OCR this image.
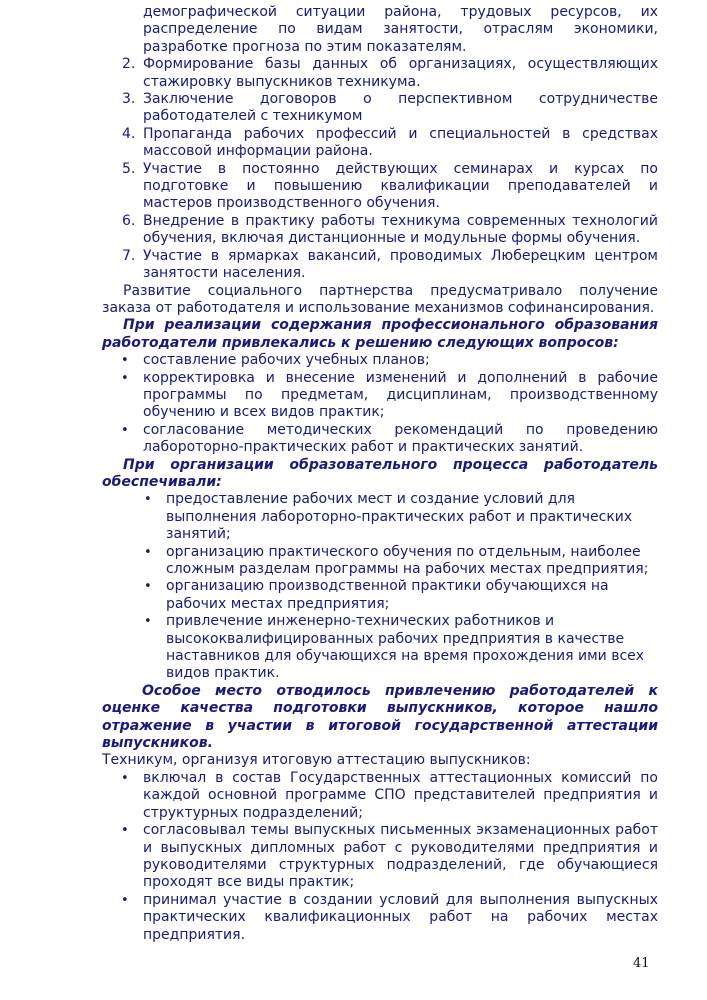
демографической ситуации района, трудовых ресурсов, их распределение по видам занятости, отраслям экономики, разработке прогноза по этим показателям.

2. Формирование базы данных об организациях, осуществляющих стажировку выпускников техникума.
3. Заключение договоров о перспективном сотрудничестве работодателей с техникумом
4. Пропаганда рабочих профессий и специальностей в средствах массовой информации района.
5. Участие в постоянно действующих семинарах и курсах по подготовке и повышению квалификации преподавателей и мастеров производственного обучения.
6. Внедрение в практику работы техникума современных технологий обучения, включая дистанционные и модульные формы обучения.
7. Участие в ярмарках вакансий, проводимых Люберецким центром занятости населения.

Развитие социального партнерства предусматривало получение заказа от работодателя и использование механизмов софинансирования.

При реализации содержания профессионального образования работодатели привлекались к решению следующих вопросов:

• составление рабочих учебных планов;
• корректировка и внесение изменений и дополнений в рабочие программы по предметам, дисциплинам, производственному обучению и всех видов практик;
• согласование методических рекомендаций по проведению лабороторно-практических работ и практических занятий.

При организации образовательного процесса работодатель обеспечивали:

• предоставление рабочих мест и создание условий для выполнения лабороторно-практических работ и практических занятий;
• организацию практического обучения по отдельным, наиболее сложным разделам программы на рабочих местах предприятия;
• организацию производственной практики обучающихся на рабочих местах предприятия;
• привлечение инженерно-технических работников и высококвалифицированных рабочих предприятия в качестве наставников для обучающихся на время прохождения ими всех видов практик.

Особое место отводилось привлечению работодателей к оценке качества подготовки выпускников, которое нашло отражение в участии в итоговой государственной аттестации выпускников.

Техникум, организуя итоговую аттестацию выпускников:

• включал в состав Государственных аттестационных комиссий по каждой основной программе СПО представителей предприятия и структурных подразделений;
• согласовывал темы выпускных письменных экзаменационных работ и выпускных дипломных работ с руководителями предприятия и руководителями структурных подразделений, где обучающиеся проходят все виды практик;
• принимал участие в создании условий для выполнения выпускных практических квалификационных работ на рабочих местах предприятия.
41
